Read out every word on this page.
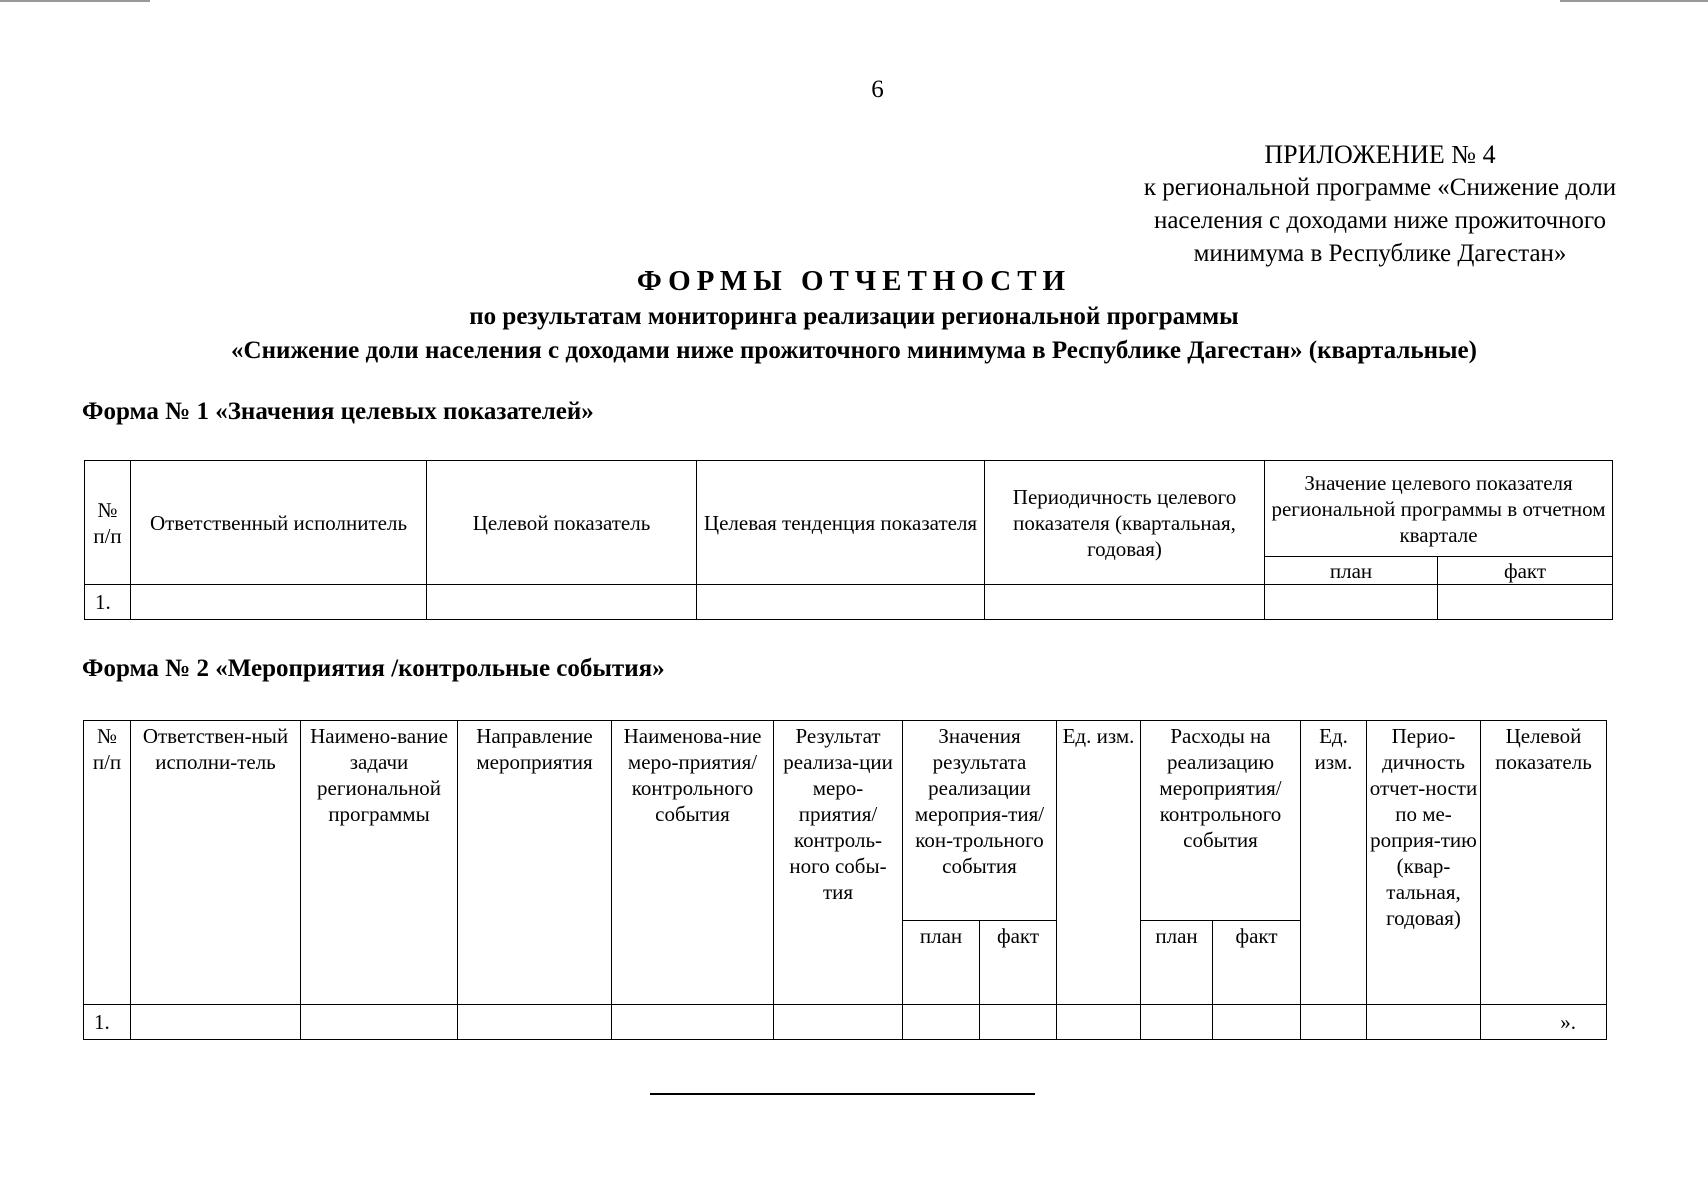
6
ПРИЛОЖЕНИЕ № 4
к региональной программе «Снижение доли
населения с доходами ниже прожиточного
минимума в Республике Дагестан»
ФОРМЫ ОТЧЕТНОСТИ
по результатам мониторинга реализации региональной программы
«Снижение доли населения с доходами ниже прожиточного минимума в Республике Дагестан» (квартальные)
Форма № 1 «Значения целевых показателей»
№ п/п	Ответственный исполнитель	Целевой показатель	Целевая тенденция показателя	Периодичность целевого показателя (квартальная, годовая)	Значение целевого показателя региональной программы в отчетном квартале	
					план	факт
1.						
Форма № 2 «Мероприятия /контрольные события»
№ п/п	Ответствен-ный исполни-тель	Наимено-вание задачи региональной программы	Направление мероприятия	Наименова-ние меро-приятия/ контрольного события	Результат реализа-ции меро-приятия/ контроль-ного собы-тия	Значения результата реализации мероприя-тия/ кон-трольного события		Ед. изм.	Расходы на реализацию мероприятия/ контрольного события		Ед. изм.	Перио-дичность отчет-ности по ме-роприя-тию (квар-тальная, годовая)	Целевой показатель
						план	факт		план	факт			
1.													».
